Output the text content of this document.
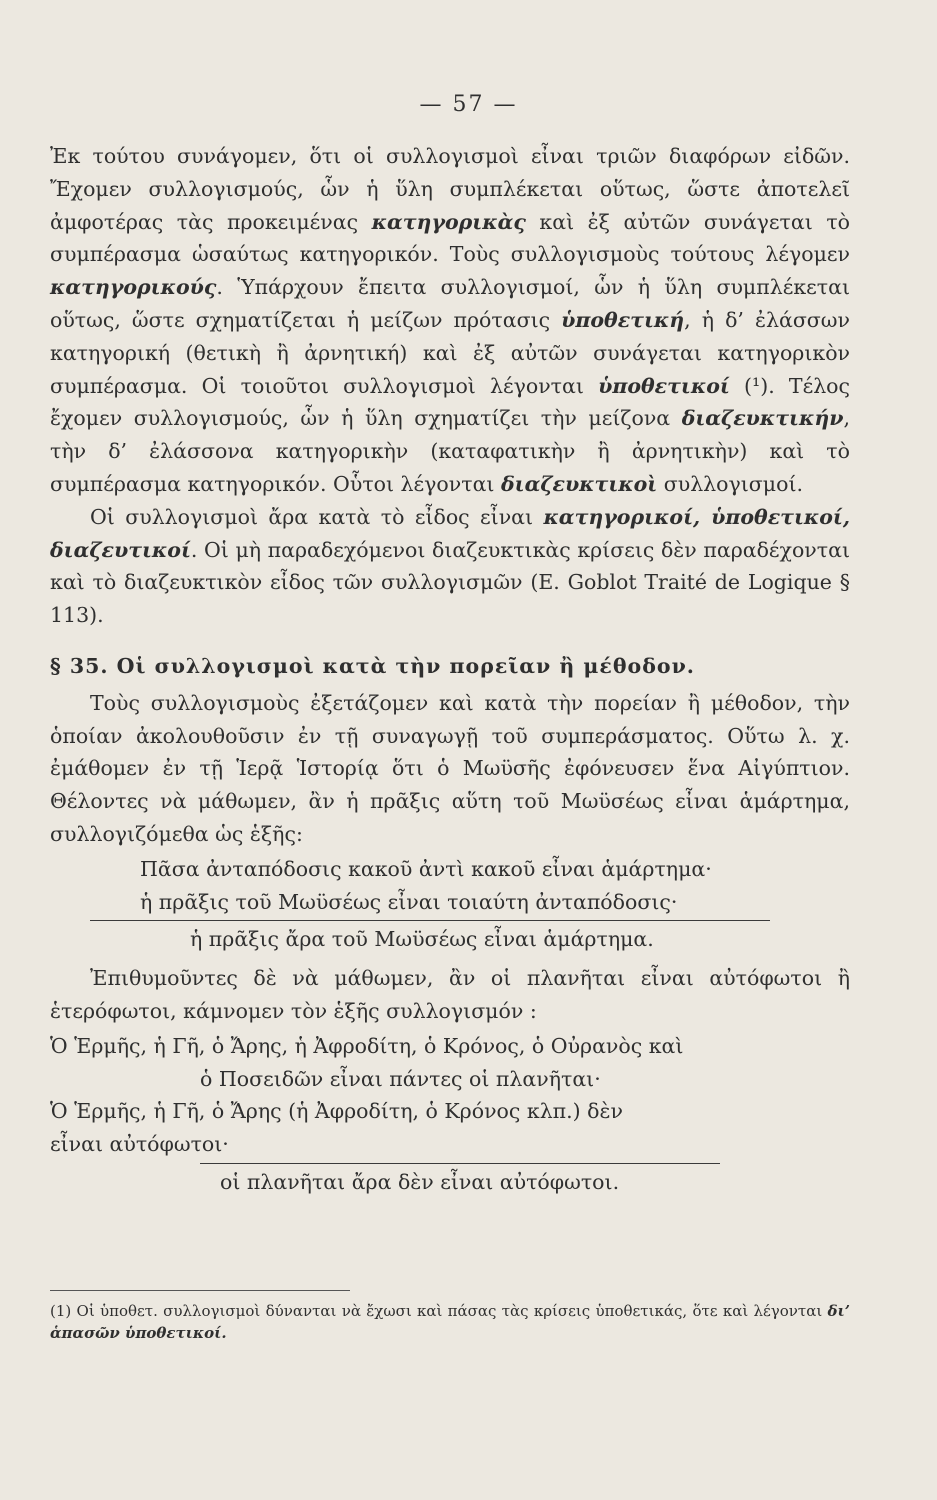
— 57 —

Ἐκ τούτου συνάγομεν, ὅτι οἱ συλλογισμοὶ εἶναι τριῶν διαφόρων εἰδῶν. Ἔχομεν συλλογισμούς, ὧν ἡ ὕλη συμπλέκεται οὕτως, ὥστε ἀποτελεῖ ἀμφοτέρας τὰς προκειμένας κατηγορικὰς καὶ ἐξ αὐτῶν συνάγεται τὸ συμπέρασμα ὡσαύτως κατηγορικόν. Τοὺς συλλογισμοὺς τούτους λέγομεν κατηγορικούς. Ὑπάρχουν ἔπειτα συλλογισμοί, ὧν ἡ ὕλη συμπλέκεται οὕτως, ὥστε σχηματίζεται ἡ μείζων πρότασις ὑποθετική, ἡ δ’ ἐλάσσων κατηγορική (θετικὴ ἢ ἀρνητική) καὶ ἐξ αὐτῶν συνάγεται κατηγορικὸν συμπέρασμα. Οἱ τοιοῦτοι συλλογισμοὶ λέγονται ὑποθετικοί (¹). Τέλος ἔχομεν συλλογισμούς, ὧν ἡ ὕλη σχηματίζει τὴν μείζονα διαζευκτικήν, τὴν δ’ ἐλάσσονα κατηγορικὴν (καταφατικὴν ἢ ἀρνητικὴν) καὶ τὸ συμπέρασμα κατηγορικόν. Οὗτοι λέγονται διαζευκτικοὶ συλλογισμοί.

Οἱ συλλογισμοὶ ἄρα κατὰ τὸ εἶδος εἶναι κατηγορικοί, ὑποθετικοί, διαζευτικοί. Οἱ μὴ παραδεχόμενοι διαζευκτικὰς κρίσεις δὲν παραδέχονται καὶ τὸ διαζευκτικὸν εἶδος τῶν συλλογισμῶν (E. Goblot Traité de Logique § 113).

§ 35. Οἱ συλλογισμοὶ κατὰ τὴν πορεῖαν ἢ μέθοδον.

Τοὺς συλλογισμοὺς ἐξετάζομεν καὶ κατὰ τὴν πορείαν ἢ μέθοδον, τὴν ὁποίαν ἀκολουθοῦσιν ἐν τῇ συναγωγῇ τοῦ συμπεράσματος. Οὕτω λ. χ. ἐμάθομεν ἐν τῇ Ἱερᾷ Ἱστορίᾳ ὅτι ὁ Μωϋσῆς ἐφόνευσεν ἕνα Αἰγύπτιον. Θέλοντες νὰ μάθωμεν, ἂν ἡ πρᾶξις αὕτη τοῦ Μωϋσέως εἶναι ἁμάρτημα, συλλογιζόμεθα ὡς ἑξῆς:

Πᾶσα ἀνταπόδοσις κακοῦ ἀντὶ κακοῦ εἶναι ἁμάρτημα·

ἡ πρᾶξις τοῦ Μωϋσέως εἶναι τοιαύτη ἀνταπόδοσις·

ἡ πρᾶξις ἄρα τοῦ Μωϋσέως εἶναι ἁμάρτημα.

Ἐπιθυμοῦντες δὲ νὰ μάθωμεν, ἂν οἱ πλανῆται εἶναι αὐτόφωτοι ἢ ἑτερόφωτοι, κάμνομεν τὸν ἑξῆς συλλογισμόν :

Ὁ Ἑρμῆς, ἡ Γῆ, ὁ Ἄρης, ἡ Ἀφροδίτη, ὁ Κρόνος, ὁ Οὐρανὸς καὶ

ὁ Ποσειδῶν εἶναι πάντες οἱ πλανῆται·

Ὁ Ἑρμῆς, ἡ Γῆ, ὁ Ἄρης (ἡ Ἀφροδίτη, ὁ Κρόνος κλπ.) δὲν

εἶναι αὐτόφωτοι·

οἱ πλανῆται ἄρα δὲν εἶναι αὐτόφωτοι.

(1) Οἱ ὑποθετ. συλλογισμοὶ δύνανται νὰ ἔχωσι καὶ πάσας τὰς κρίσεις ὑποθετικάς, ὅτε καὶ λέγονται δι’ ἁπασῶν ὑποθετικοί.
